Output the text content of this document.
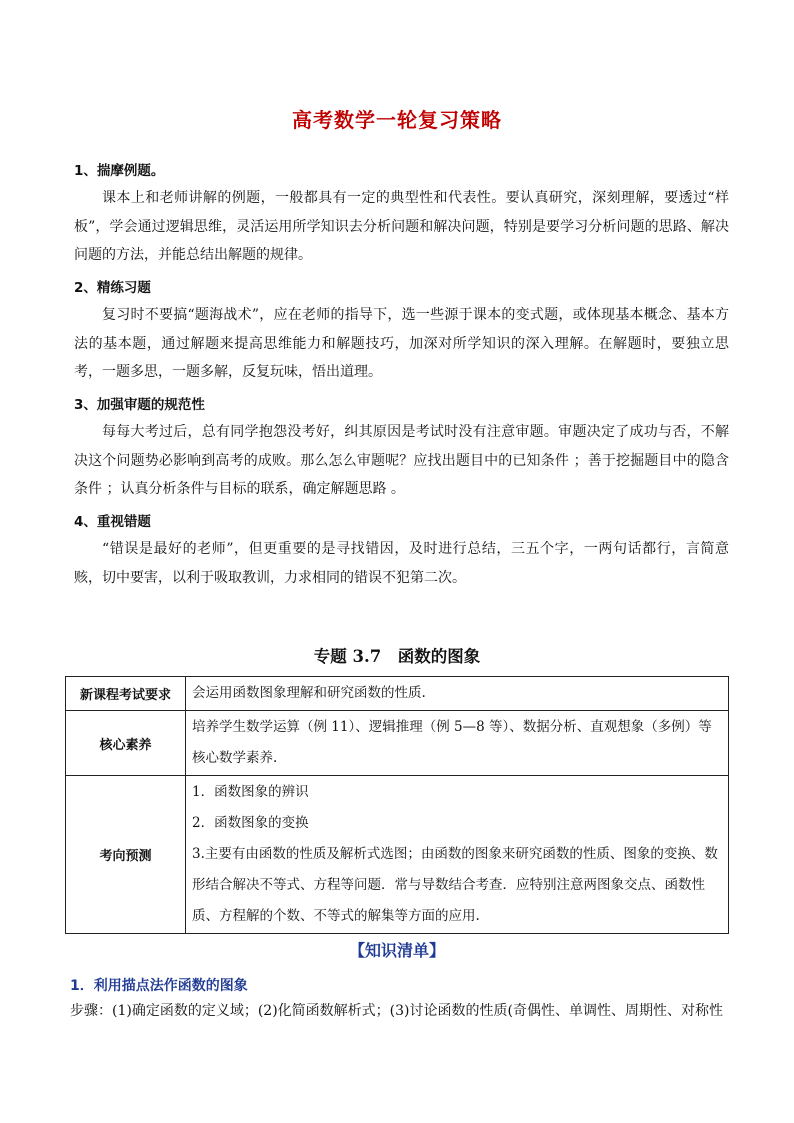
高考数学一轮复习策略
1、揣摩例题。

课本上和老师讲解的例题，一般都具有一定的典型性和代表性。要认真研究，深刻理解，要透过“样板”，学会通过逻辑思维，灵活运用所学知识去分析问题和解决问题，特别是要学习分析问题的思路、解决问题的方法，并能总结出解题的规律。

2、精练习题

复习时不要搞“题海战术”，应在老师的指导下，选一些源于课本的变式题，或体现基本概念、基本方法的基本题，通过解题来提高思维能力和解题技巧，加深对所学知识的深入理解。在解题时，要独立思考，一题多思，一题多解，反复玩味，悟出道理。

3、加强审题的规范性

每每大考过后，总有同学抱怨没考好，纠其原因是考试时没有注意审题。审题决定了成功与否，不解决这个问题势必影响到高考的成败。那么怎么审题呢？应找出题目中的已知条件 ；善于挖掘题目中的隐含条件 ；认真分析条件与目标的联系，确定解题思路 。

4、重视错题

“错误是最好的老师”，但更重要的是寻找错因，及时进行总结，三五个字，一两句话都行，言简意赅，切中要害，以利于吸取教训，力求相同的错误不犯第二次。

专题 3.7　函数的图象
新课程考试要求	会运用函数图象理解和研究函数的性质.

核心素养	培养学生数学运算（例 11）、逻辑推理（例 5—8 等）、数据分析、直观想象（多例）等核心数学素养.

考向预测	1．函数图象的辨识
2．函数图象的变换
3.主要有由函数的性质及解析式选图；由函数的图象来研究函数的性质、图象的变换、数形结合解决不等式、方程等问题．常与导数结合考查．应特别注意两图象交点、函数性质、方程解的个数、不等式的解集等方面的应用.
【知识清单】
1．利用描点法作函数的图象
步骤：(1)确定函数的定义域；(2)化简函数解析式；(3)讨论函数的性质(奇偶性、单调性、周期性、对称性
